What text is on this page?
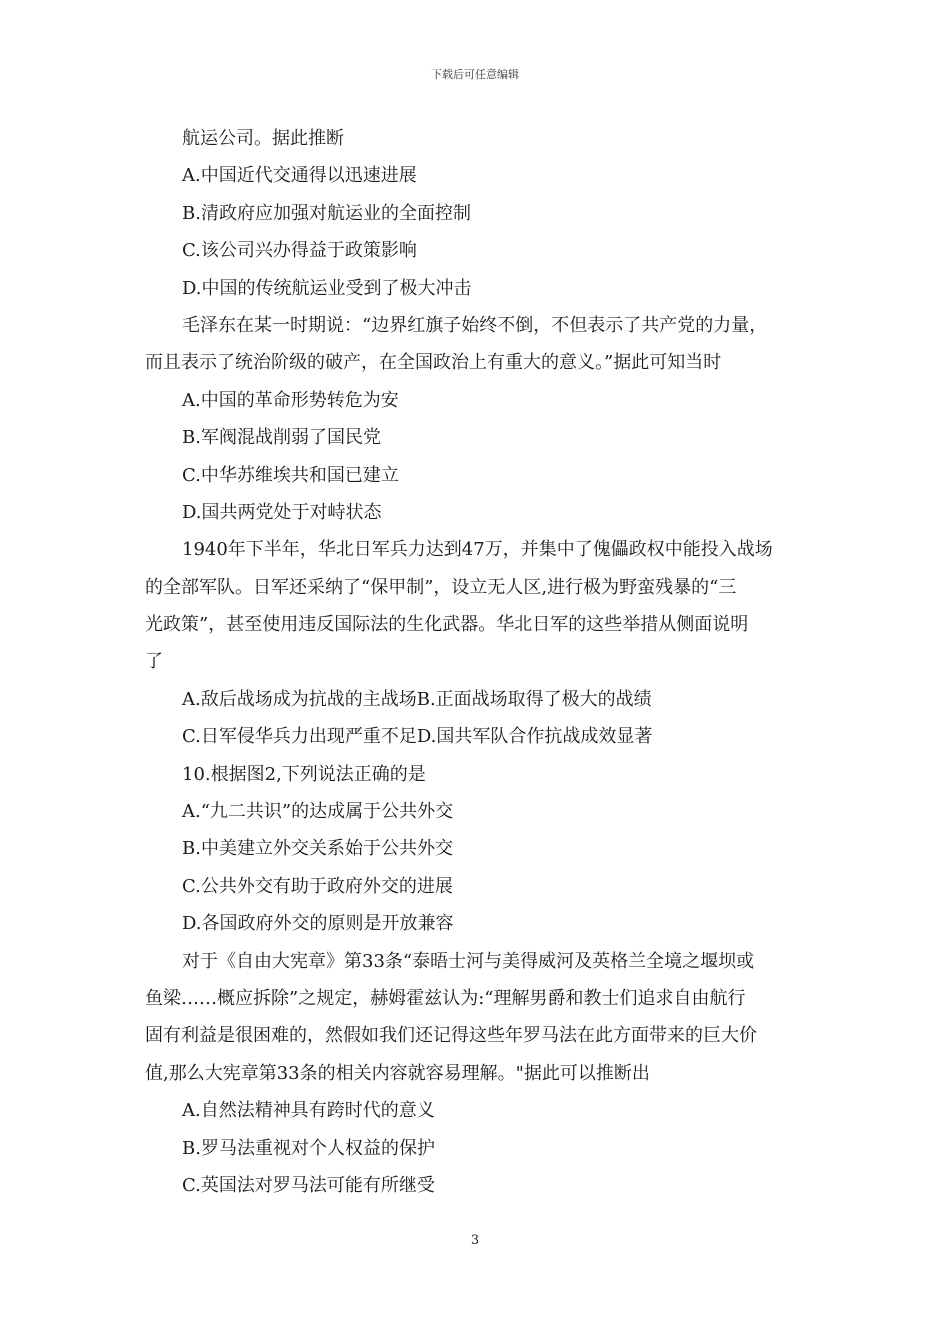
下载后可任意编辑

航运公司。据此推断

A.中国近代交通得以迅速进展

B.清政府应加强对航运业的全面控制

C.该公司兴办得益于政策影响

D.中国的传统航运业受到了极大冲击

毛泽东在某一时期说：“边界红旗子始终不倒，不但表示了共产党的力量，

而且表示了统治阶级的破产，在全国政治上有重大的意义。”据此可知当时

A.中国的革命形势转危为安

B.军阀混战削弱了国民党

C.中华苏维埃共和国已建立

D.国共两党处于对峙状态

1940年下半年，华北日军兵力达到47万，并集中了傀儡政权中能投入战场

的全部军队。日军还采纳了“保甲制”，设立无人区,进行极为野蛮残暴的“三

光政策”，甚至使用违反国际法的生化武器。华北日军的这些举措从侧面说明

了

A.敌后战场成为抗战的主战场B.正面战场取得了极大的战绩

C.日军侵华兵力出现严重不足D.国共军队合作抗战成效显著

10.根据图2,下列说法正确的是

A.“九二共识”的达成属于公共外交

B.中美建立外交关系始于公共外交

C.公共外交有助于政府外交的进展

D.各国政府外交的原则是开放兼容

对于《自由大宪章》第33条“泰晤士河与美得威河及英格兰全境之堰坝或

鱼梁……概应拆除”之规定，赫姆霍兹认为:“理解男爵和教士们追求自由航行

固有利益是很困难的，然假如我们还记得这些年罗马法在此方面带来的巨大价

值,那么大宪章第33条的相关内容就容易理解。"据此可以推断出

A.自然法精神具有跨时代的意义

B.罗马法重视对个人权益的保护

C.英国法对罗马法可能有所继受

3
